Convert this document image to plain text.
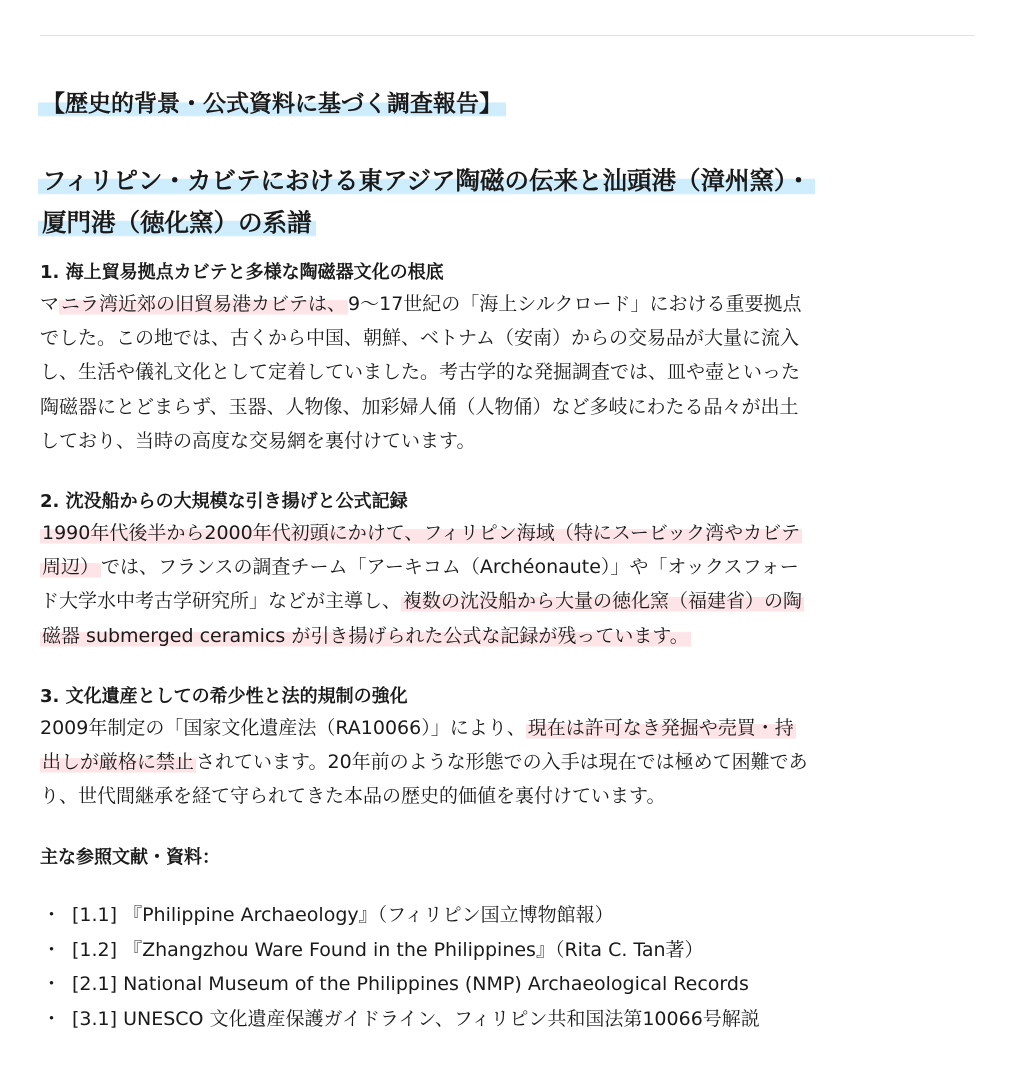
【歴史的背景・公式資料に基づく調査報告】
フィリピン・カビテにおける東アジア陶磁の伝来と汕頭港（漳州窯）・
厦門港（徳化窯）の系譜
1. 海上貿易拠点カビテと多様な陶磁器文化の根底

マ ニラ湾近郊の旧貿易港カビテは、 9〜17世紀の「海上シルクロード」における重要拠点
でした。この地では、古くから中国、朝鮮、ベトナム（安南）からの交易品が大量に流入
し、生活や儀礼文化として定着していました。考古学的な発掘調査では、皿や壺といった
陶磁器にとどまらず、玉器、人物像、加彩婦人俑（人物俑）など多岐にわたる品々が出土
しており、当時の高度な交易網を裏付けています。

2. 沈没船からの大規模な引き揚げと公式記録

1990年代後半から2000年代初頭にかけて、フィリピン海域（特にスービック湾やカビテ
周辺） では、フランスの調査チーム「アーキコム（Archéonaute）」や「オックスフォー
ド大学水中考古学研究所」などが主導し、 複数の沈没船から大量の徳化窯（福建省）の陶
磁器 submerged ceramics が引き揚げられた公式な記録が残っています。

3. 文化遺産としての希少性と法的規制の強化

2009年制定の「国家文化遺産法（RA10066）」により、 現在は許可なき発掘や売買・持
出しが厳格に禁止 されています。20年前のような形態での入手は現在では極めて困難であ
り、世代間継承を経て守られてきた本品の歴史的価値を裏付けています。

主な参照文献・資料：
・ [1.1] 『Philippine Archaeology』（フィリピン国立博物館報）
・ [1.2] 『Zhangzhou Ware Found in the Philippines』（Rita C. Tan著）
・ [2.1] National Museum of the Philippines (NMP) Archaeological Records
・ [3.1] UNESCO 文化遺産保護ガイドライン、フィリピン共和国法第10066号解説
